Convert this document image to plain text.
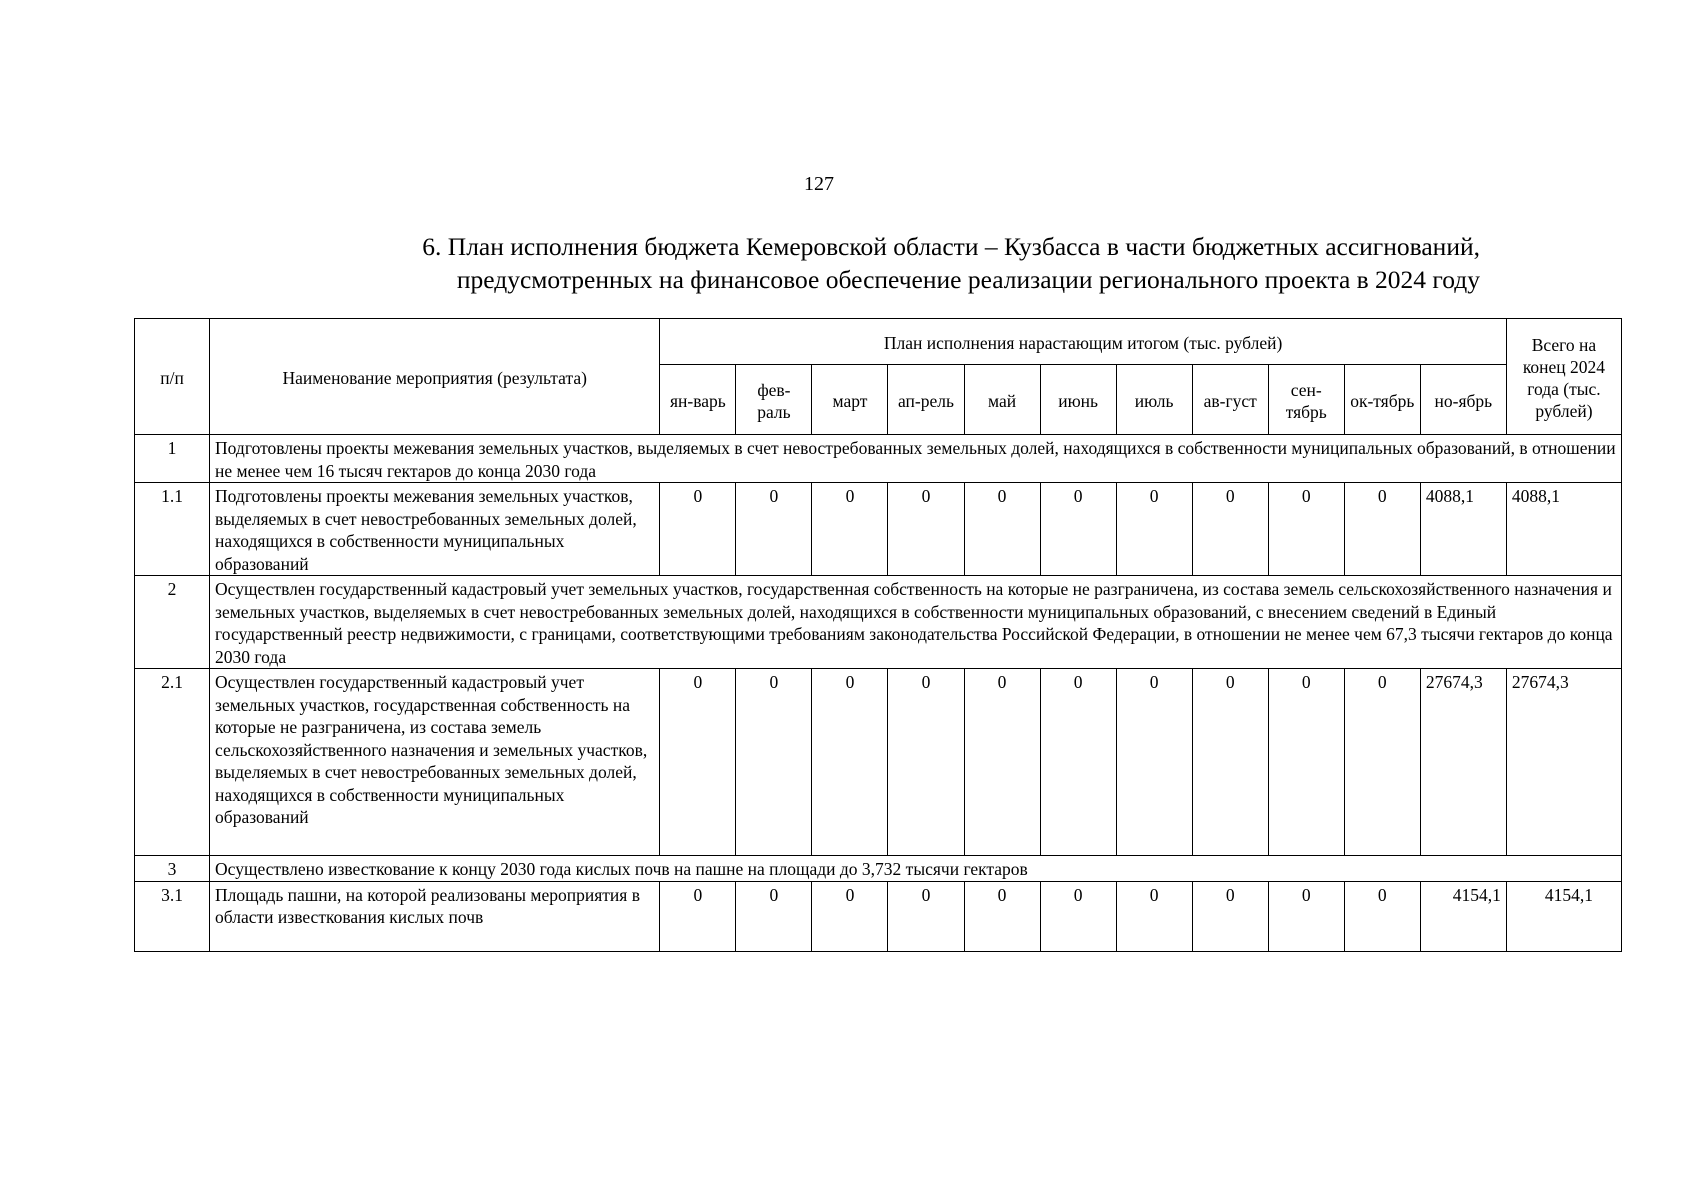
127
6. План исполнения бюджета Кемеровской области – Кузбасса в части бюджетных ассигнований,
предусмотренных на финансовое обеспечение реализации регионального проекта в 2024 году
п/п	Наименование мероприятия (результата)	План исполнения нарастающим итогом (тыс. рублей)											Всего на конец 2024 года (тыс. рублей)
		ян-варь	фев-раль	март	ап-рель	май	июнь	июль	ав-густ	сен-тябрь	ок-тябрь	но-ябрь	
1	Подготовлены проекты межевания земельных участков, выделяемых в счет невостребованных земельных долей, находящихся в собственности муниципальных образований, в отношении не менее чем 16 тысяч гектаров до конца 2030 года												
1.1	Подготовлены проекты межевания земельных участков, выделяемых в счет невостребованных земельных долей, находящихся в собственности муниципальных образований	0	0	0	0	0	0	0	0	0	0	4088,1	4088,1
2	Осуществлен государственный кадастровый учет земельных участков, государственная собственность на которые не разграничена, из состава земель сельскохозяйственного назначения и земельных участков, выделяемых в счет невостребованных земельных долей, находящихся в собственности муниципальных образований, с внесением сведений в Единый государственный реестр недвижимости, с границами, соответствующими требованиям законодательства Российской Федерации, в отношении не менее чем 67,3 тысячи гектаров до конца 2030 года												
2.1	Осуществлен государственный кадастровый учет земельных участков, государственная собственность на которые не разграничена, из состава земель сельскохозяйственного назначения и земельных участков, выделяемых в счет невостребованных земельных долей, находящихся в собственности муниципальных образований	0	0	0	0	0	0	0	0	0	0	27674,3	27674,3
3	Осуществлено известкование к концу 2030 года кислых почв на пашне на площади до 3,732 тысячи гектаров												
3.1	Площадь пашни, на которой реализованы мероприятия в области известкования кислых почв	0	0	0	0	0	0	0	0	0	0	4154,1	4154,1
